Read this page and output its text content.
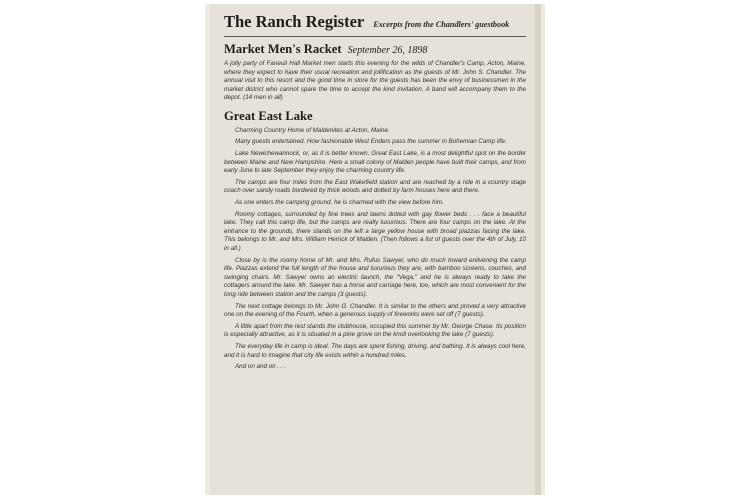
The Ranch Register Excerpts from the Chandlers' guestbook
Market Men's Racket September 26, 1898

A jolly party of Faneuil Hall Market men starts this evening for the wilds of Chandler's Camp, Acton, Maine, where they expect to have their usual recreation and jollification as the guests of Mr. John S. Chandler. The annual visit to this resort and the good time in store for the guests has been the envy of businessmen in the market district who cannot spare the time to accept the kind invitation. A band will accompany them to the depot. (14 men in all)

Great East Lake

Charming Country Home of Maldenites at Acton, Maine.

Many guests entertained. How fashionable West Enders pass the summer in Bohemian Camp life.

Lake Newichewannock, or, as it is better known, Great East Lake, is a most delightful spot on the border between Maine and New Hampshire. Here a small colony of Malden people have built their camps, and from early June to late September they enjoy the charming country life.

The camps are four miles from the East Wakefield station and are reached by a ride in a country stage coach over sandy roads bordered by thick woods and dotted by farm houses here and there.

As one enters the camping ground, he is charmed with the view before him.

Roomy cottages, surrounded by fine trees and lawns dotted with gay flower beds . . . face a beautiful lake. They call this camp life, but the camps are really luxurious. There are four camps on the lake. At the entrance to the grounds, there stands on the left a large yellow house with broad piazzas facing the lake. This belongs to Mr. and Mrs. William Herrick of Malden. (Then follows a list of guests over the 4th of July, 10 in all.)

Close by is the roomy home of Mr. and Mrs. Rufus Sawyer, who do much toward enlivening the camp life. Piazzas extend the full length of the house and luxurious they are, with bamboo screens, couches, and swinging chairs. Mr. Sawyer owns an electric launch, the "Vega," and he is always ready to take the cottagers around the lake. Mr. Sawyer has a horse and carriage here, too, which are most convenient for the long ride between station and the camps (3 guests).

The next cottage belongs to Mr. John G. Chandler. It is similar to the others and proved a very attractive one on the evening of the Fourth, when a generous supply of fireworks were set off (7 guests).

A little apart from the rest stands the clubhouse, occupied this summer by Mr. George Chase. Its position is especially attractive, as it is situated in a pine grove on the knoll overlooking the lake (7 guests).

The everyday life in camp is ideal. The days are spent fishing, driving, and bathing. It is always cool here, and it is hard to imagine that city life exists within a hundred miles.

And on and on . . .
